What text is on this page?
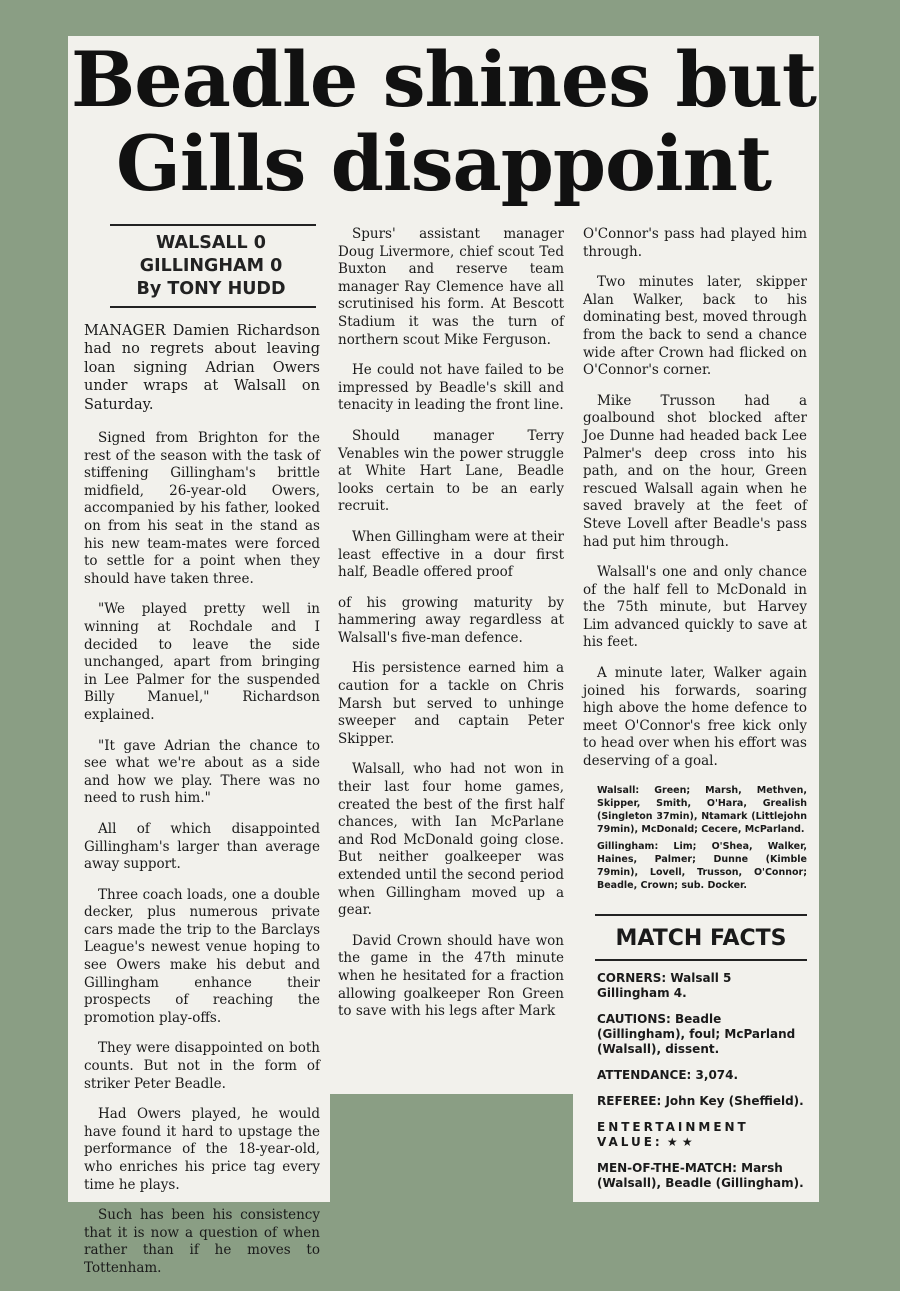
Beadle shines but Gills disappoint
WALSALL 0
GILLINGHAM 0
By TONY HUDD

MANAGER Damien Richardson had no regrets about leaving loan signing Adrian Owers under wraps at Walsall on Saturday.

Signed from Brighton for the rest of the season with the task of stiffening Gillingham's brittle midfield, 26-year-old Owers, accompanied by his father, looked on from his seat in the stand as his new team-mates were forced to settle for a point when they should have taken three.

"We played pretty well in winning at Rochdale and I decided to leave the side unchanged, apart from bringing in Lee Palmer for the suspended Billy Manuel," Richardson explained.

"It gave Adrian the chance to see what we're about as a side and how we play. There was no need to rush him."

All of which disappointed Gillingham's larger than average away support.

Three coach loads, one a double decker, plus numerous private cars made the trip to the Barclays League's newest venue hoping to see Owers make his debut and Gillingham enhance their prospects of reaching the promotion play-offs.

They were disappointed on both counts. But not in the form of striker Peter Beadle.

Had Owers played, he would have found it hard to upstage the performance of the 18-year-old, who enriches his price tag every time he plays.

Such has been his consistency that it is now a question of when rather than if he moves to Tottenham.

Spurs' assistant manager Doug Livermore, chief scout Ted Buxton and reserve team manager Ray Clemence have all scrutinised his form. At Bescott Stadium it was the turn of northern scout Mike Ferguson.

He could not have failed to be impressed by Beadle's skill and tenacity in leading the front line.

Should manager Terry Venables win the power struggle at White Hart Lane, Beadle looks certain to be an early recruit.

When Gillingham were at their least effective in a dour first half, Beadle offered proof

of his growing maturity by hammering away regardless at Walsall's five-man defence.

His persistence earned him a caution for a tackle on Chris Marsh but served to unhinge sweeper and captain Peter Skipper.

Walsall, who had not won in their last four home games, created the best of the first half chances, with Ian McParlane and Rod McDonald going close. But neither goalkeeper was extended until the second period when Gillingham moved up a gear.

David Crown should have won the game in the 47th minute when he hesitated for a fraction allowing goalkeeper Ron Green to save with his legs after Mark

O'Connor's pass had played him through.

Two minutes later, skipper Alan Walker, back to his dominating best, moved through from the back to send a chance wide after Crown had flicked on O'Connor's corner.

Mike Trusson had a goalbound shot blocked after Joe Dunne had headed back Lee Palmer's deep cross into his path, and on the hour, Green rescued Walsall again when he saved bravely at the feet of Steve Lovell after Beadle's pass had put him through.

Walsall's one and only chance of the half fell to McDonald in the 75th minute, but Harvey Lim advanced quickly to save at his feet.

A minute later, Walker again joined his forwards, soaring high above the home defence to meet O'Connor's free kick only to head over when his effort was deserving of a goal.

Walsall: Green; Marsh, Methven, Skipper, Smith, O'Hara, Grealish (Singleton 37min), Ntamark (Littlejohn 79min), McDonald; Cecere, McParland.
Gillingham: Lim; O'Shea, Walker, Haines, Palmer; Dunne (Kimble 79min), Lovell, Trusson, O'Connor; Beadle, Crown; sub. Docker.
MATCH FACTS
CORNERS: Walsall 5 Gillingham 4.
CAUTIONS: Beadle (Gillingham), foul; McParland (Walsall), dissent.
ATTENDANCE: 3,074.
REFEREE: John Key (Sheffield).
ENTERTAINMENT VALUE: ★ ★
MEN-OF-THE-MATCH: Marsh (Walsall), Beadle (Gillingham).
